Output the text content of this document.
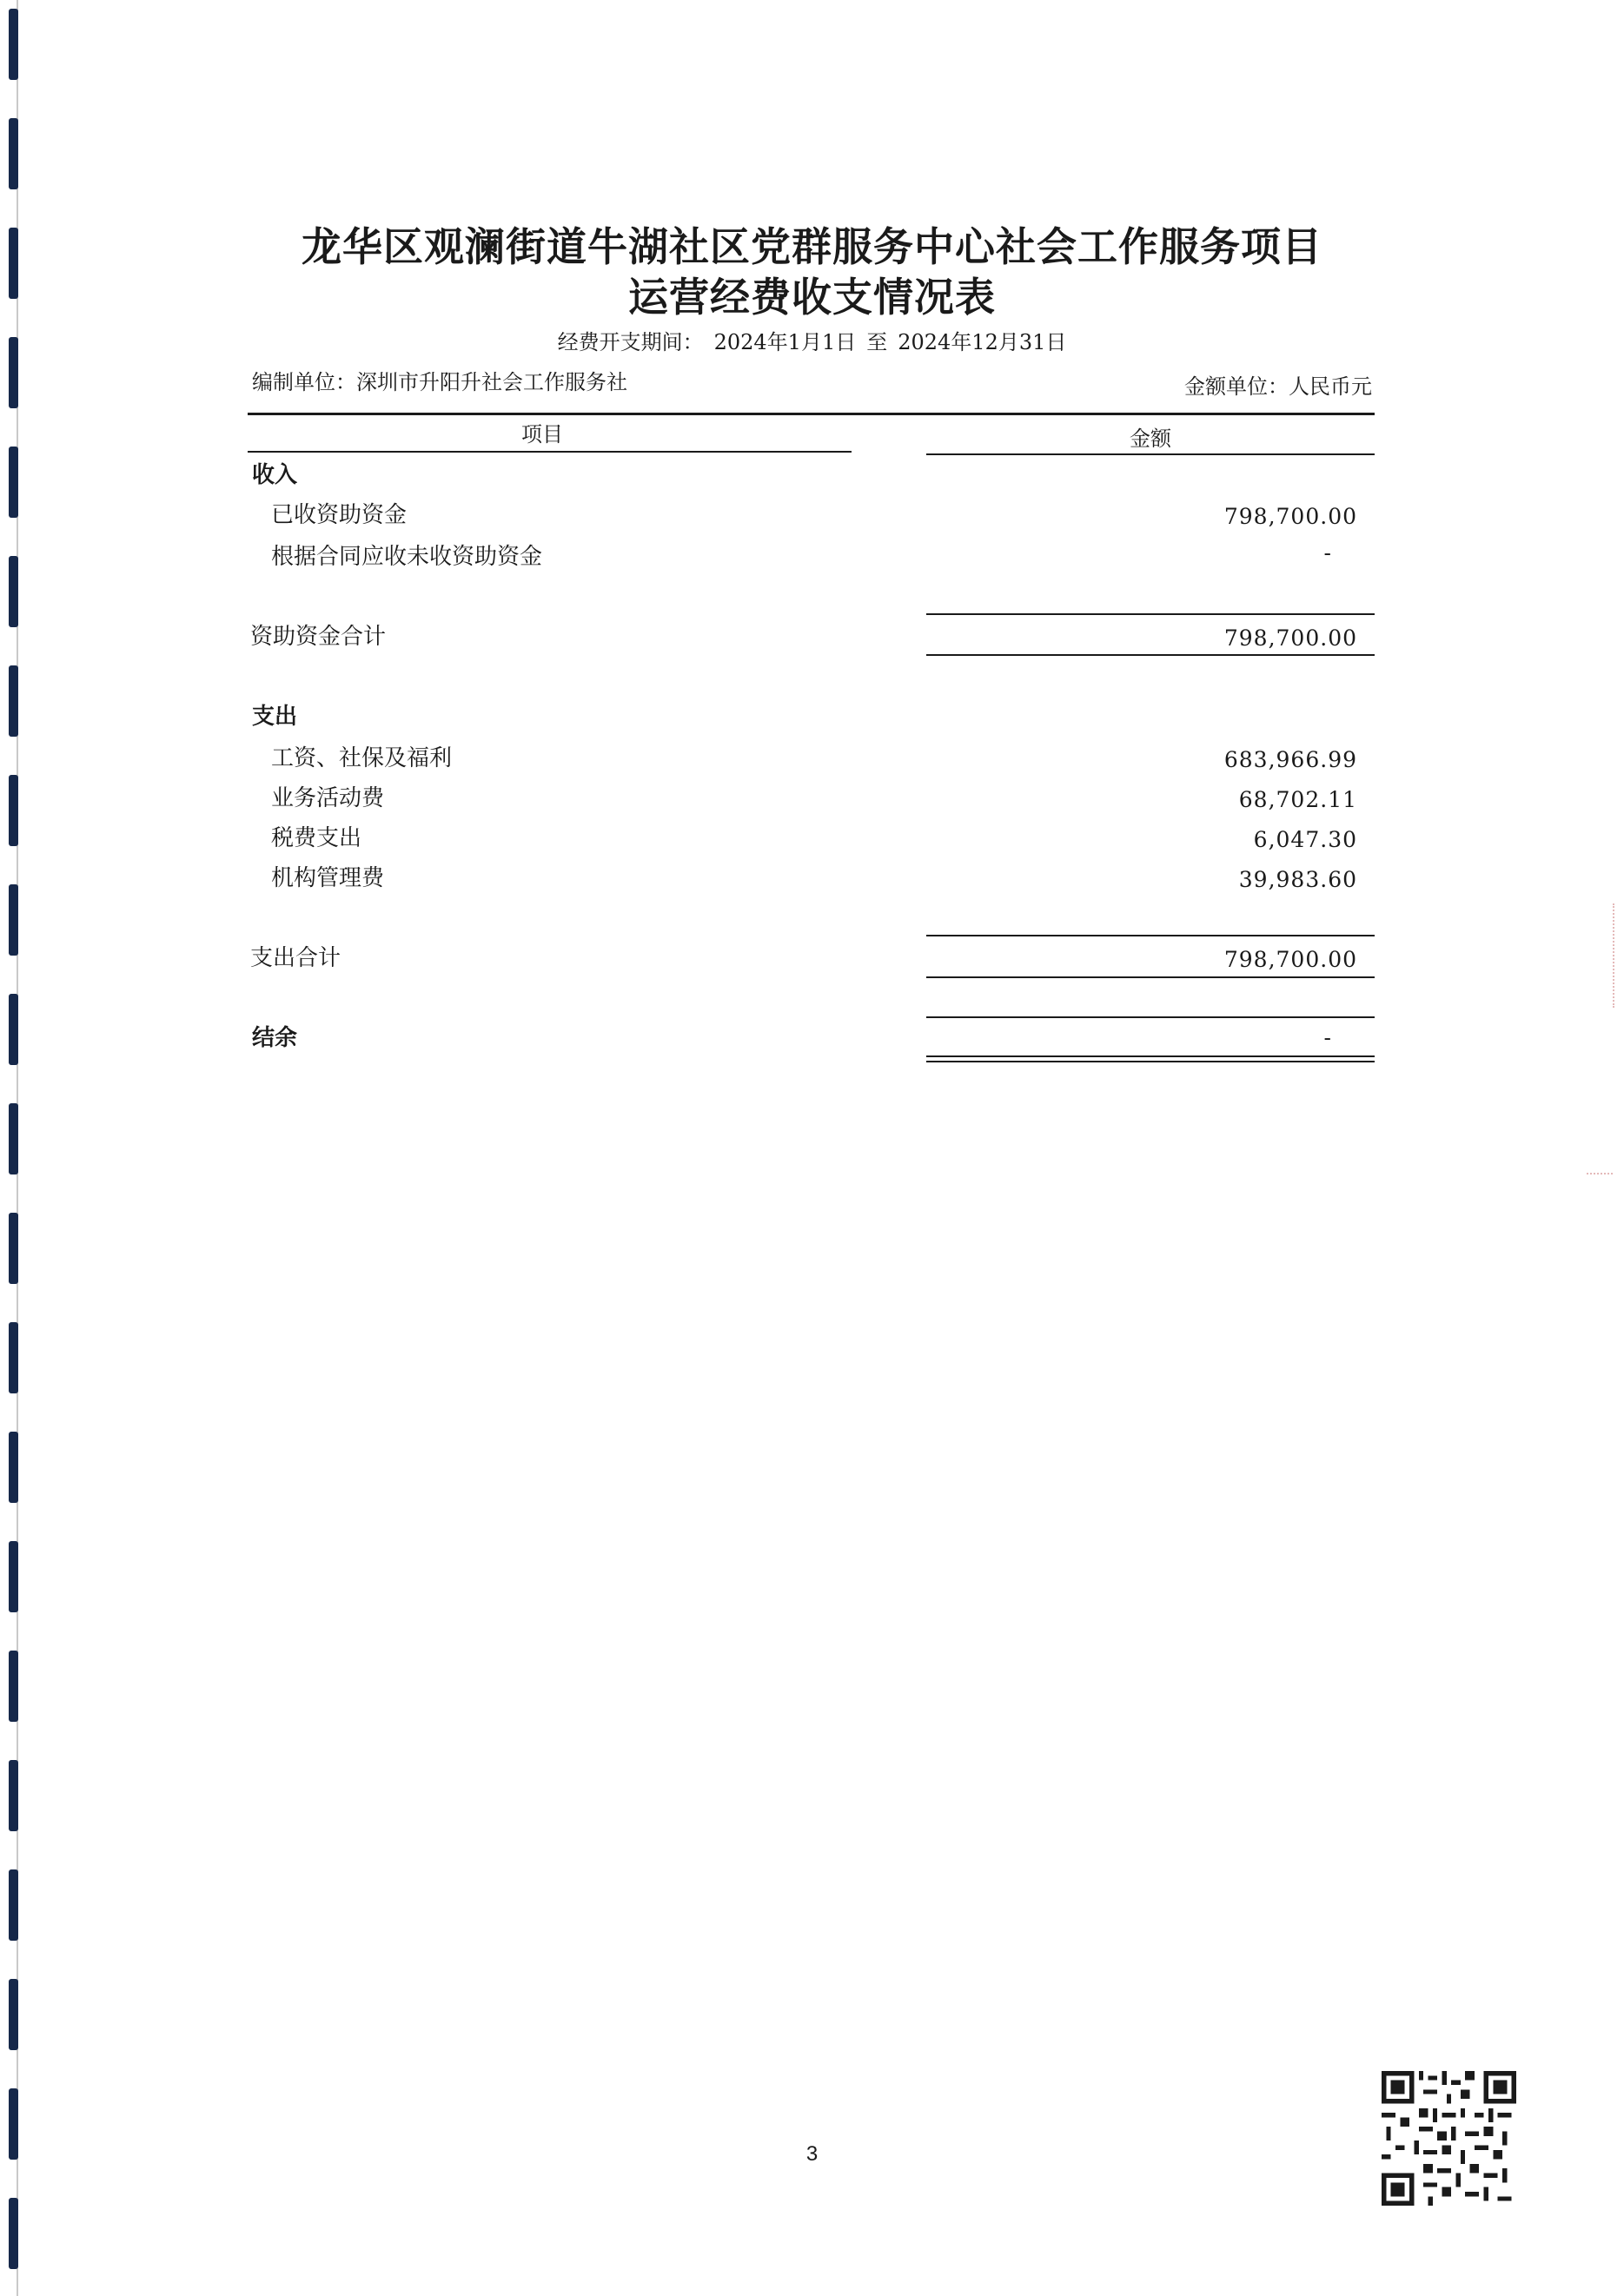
龙华区观澜街道牛湖社区党群服务中心社会工作服务项目
运营经费收支情况表
经费开支期间： 2024年1月1日 至 2024年12月31日
编制单位：深圳市升阳升社会工作服务社	金额单位：人民币元
项目	金额
收入
已收资助资金	798,700.00
根据合同应收未收资助资金	-
资助资金合计	798,700.00
支出
工资、社保及福利	683,966.99
业务活动费	68,702.11
税费支出	6,047.30
机构管理费	39,983.60
支出合计	798,700.00
结余	-
3
